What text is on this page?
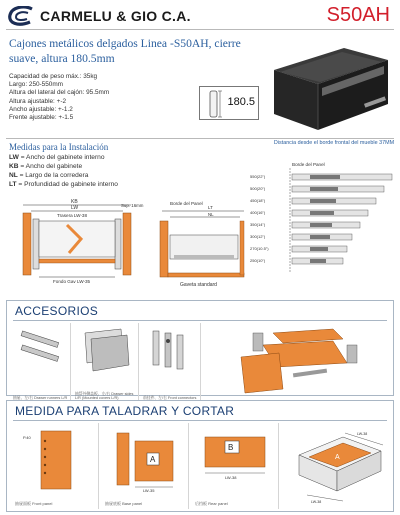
CARMELU & GIO C.A.	S50AH
Cajones metálicos delgados Linea -S50AH, cierre suave, altura 180.5mm
Capacidad de peso máx.: 35kg
Largo: 250-550mm
Altura del lateral del cajón: 95.5mm
Altura ajustable: +-2
Ancho ajustable: +-1.2
Frente ajustable: +-1.5
180.5
Medidas para la Instalación
LW = Ancho del gabinete interno
KB = Ancho del gabinete
NL = Largo de la corredera
LT = Profundidad de gabinete interno
Distancia desde el borde frontal del mueble 37MM
KB
LW
Trasera LW-38
Sup. 16mm
Fondo Gav LW-35
Borde del Panel
LT
NL
Gaveta standard
Borde del Panel
550(22")
500(20")
450(18")
400(16")
350(14")
300(12")
270(10.5")
250(10")
ACCESORIOS
抽屉、左/右 Drawer runners L/R
抽帮外侧盖板、左/右 Drawer sides L/R (Mounted covers L/R)	前挂件、左/右 Front connectors
MEDIDA PARA TALADRAR Y CORTAR
P.40
抽屉面板 Front panel
A
LW-35
抽屉底板 Base panel
B
LW-38
后挡板 Rear panel
A
LW-38
LW-38
